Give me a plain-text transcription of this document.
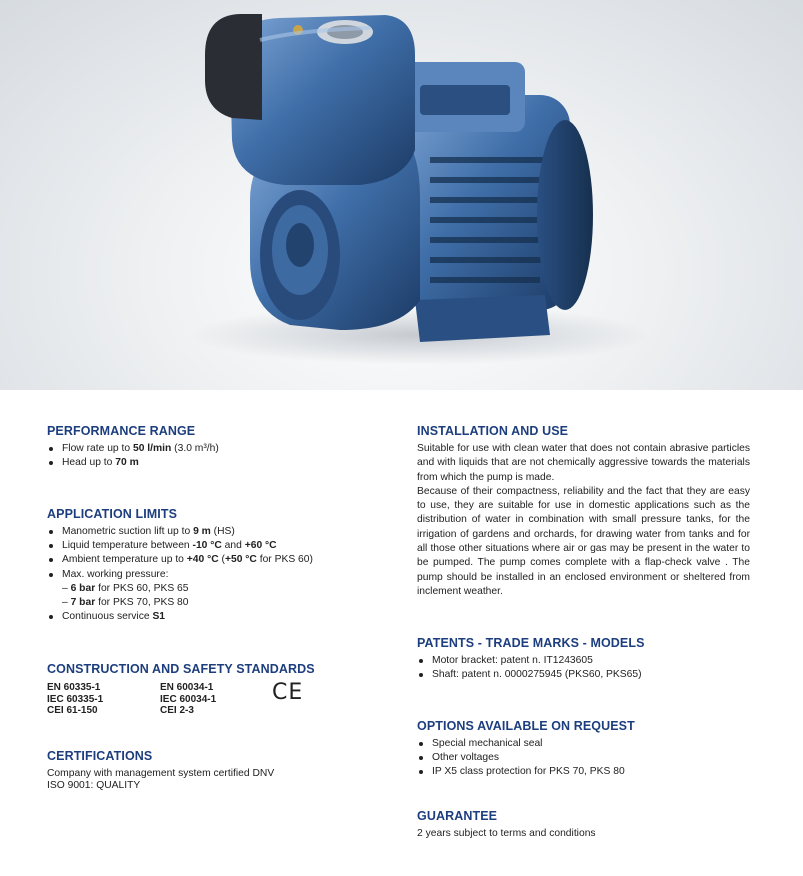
PERFORMANCE RANGE
Flow rate up to 50 l/min (3.0 m³/h)
Head up to 70 m
APPLICATION LIMITS
Manometric suction lift up to 9 m (HS)
Liquid temperature between -10 °C and +60 °C
Ambient temperature up to +40 °C (+50 °C for PKS 60)
Max. working pressure:
– 6 bar for PKS 60, PKS 65
– 7 bar for PKS 70, PKS 80
Continuous service S1
CONSTRUCTION AND SAFETY STANDARDS
EN 60335-1
IEC 60335-1
CEI 61-150
EN 60034-1
IEC 60034-1
CEI 2-3
CE
CERTIFICATIONS
Company with management system certified DNV
ISO 9001: QUALITY
INSTALLATION AND USE
Suitable for use with clean water that does not contain abrasive particles and with liquids that are not chemically aggressive towards the materials from which the pump is made.
Because of their compactness, reliability and the fact that they are easy to use, they are suitable for use in domestic applications such as the distribution of water in combination with small pressure tanks, for the irrigation of gardens and orchards, for drawing water from tanks and for all those other situations where air or gas may be present in the water to be pumped. The pump comes complete with a flap-check valve . The pump should be installed in an enclosed environment or sheltered from inclement weather.
PATENTS - TRADE MARKS - MODELS
Motor bracket: patent n. IT1243605
Shaft: patent n. 0000275945 (PKS60, PKS65)
OPTIONS AVAILABLE ON REQUEST
Special mechanical seal
Other voltages
IP X5 class protection for PKS 70, PKS 80
GUARANTEE
2 years subject to terms and conditions
